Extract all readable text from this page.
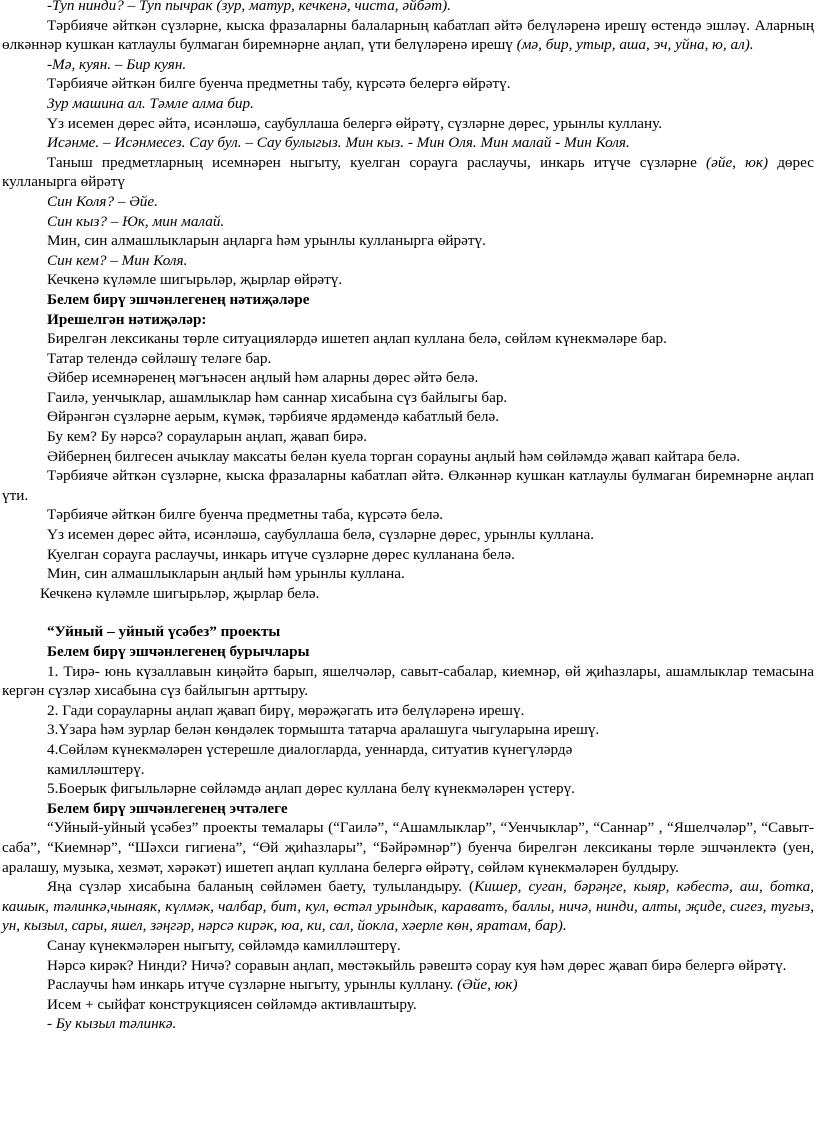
-Туп нинди? – Туп пычрак (зур, матур, кечкенә, чиста, әйбәт).

Тәрбияче әйткән сүзләрне, кыска фразаларны балаларның кабатлап әйтә белүләренә ирешү өстендә эшләү. Аларның өлкәннәр кушкан катлаулы булмаган биремнәрне аңлап, үти белүләренә ирешү (мә, бир, утыр, аша, эч, уйна, ю, ал).

-Мә, куян. – Бир куян.

Тәрбияче әйткән билге буенча предметны табу, күрсәтә белергә өйрәтү.

Зур машина ал. Тәмле алма бир.

Үз исемен дөрес әйтә, исәнләшә, саубуллаша белергә өйрәтү, сүзләрне дөрес, урынлы куллану.

Исәнме. – Исәнмесез. Сау бул. – Сау булыгыз. Мин кыз. - Мин Оля. Мин малай - Мин Коля.

Таныш предметларның исемнәрен ныгыту, куелган сорауга раслаучы, инкарь итүче сүзләрне (әйе, юк) дөрес кулланырга өйрәтү

Син Коля? – Әйе.

Син кыз? – Юк, мин малай.

Мин, син алмашлыкларын аңларга һәм урынлы кулланырга өйрәтү.

Син кем? – Мин Коля.

Кечкенә күләмле шигырьләр, җырлар өйрәтү.

Белем бирү эшчәнлегенең нәтиҗәләре

Ирешелгән нәтиҗәләр:

Бирелгән лексиканы төрле ситуацияләрдә ишетеп аңлап куллана белә, сөйләм күнекмәләре бар.

Татар телендә сөйләшү теләге бар.

Әйбер исемнәренең мәгънәсен аңлый һәм аларны дөрес әйтә белә.

Гаилә, уенчыклар, ашамлыклар һәм саннар хисабына сүз байлыгы бар.

Өйрәнгән сүзләрне аерым, күмәк, тәрбияче ярдәмендә кабатлый белә.

Бу кем? Бу нәрсә? сорауларын аңлап, җавап бирә.

Әйбернең билгесен ачыклау максаты белән куела торган сорауны аңлый һәм сөйләмдә җавап кайтара белә.

Тәрбияче әйткән сүзләрне, кыска фразаларны кабатлап әйтә. Өлкәннәр кушкан катлаулы булмаган биремнәрне аңлап үти.

Тәрбияче әйткән билге буенча предметны таба, күрсәтә белә.

Үз исемен дөрес әйтә, исәнләшә, саубуллаша белә, сүзләрне дөрес, урынлы куллана.

Куелган сорауга раслаучы, инкарь итүче сүзләрне дөрес кулланана белә.

Мин, син алмашлыкларын аңлый һәм урынлы куллана.

Кечкенә күләмле шигырьләр, җырлар белә.

“Уйный – уйный үсәбез” проекты

Белем бирү эшчәнлегенең бурычлары

1. Тирә- юнь күзаллавын киңәйтә барып, яшелчәләр, савыт-сабалар, киемнәр, өй җиһазлары, ашамлыклар темасына кергән сүзләр хисабына сүз байлыгын арттыру.

2. Гади сорауларны аңлап җавап бирү, мөрәҗәгать итә белүләренә ирешү.

3.Үзара һәм зурлар белән көндәлек тормышта татарча аралашуга чыгуларына ирешү.

4.Сөйләм күнекмәләрен үстерешле диалогларда, уеннарда, ситуатив күнегүләрдә

камилләштерү.

5.Боерык фигыльләрне сөйләмдә аңлап дөрес куллана белү күнекмәләрен үстерү.

Белем бирү эшчәнлегенең эчтәлеге

“Уйный-уйный үсәбез” проекты темалары (“Гаилә”, “Ашамлыклар”, “Уенчыклар”, “Саннар” , “Яшелчәләр”, “Савыт-саба”, “Киемнәр”, “Шәхси гигиена”, “Өй җиһазлары”, “Бәйрәмнәр”) буенча бирелгән лексиканы төрле эшчәнлектә (уен, аралашу, музыка, хезмәт, хәрәкәт) ишетеп аңлап куллана белергә өйрәтү, сөйләм күнекмәләрен булдыру.

Яңа сүзләр хисабына баланың сөйләмен баету, тулыландыру. (Кишер, суган, бәрәңге, кыяр, кәбестә, аш, ботка, кашык, тәлинкә,чынаяк, күлмәк, чалбар, бит, кул, өстәл урындык, караватъ, баллы, ничә, нинди, алты, җиде, сигез, тугыз, ун, кызыл, сары, яшел, зәңгәр, нәрсә кирәк, юа, ки, сал, йокла, хәерле көн, яратам, бар).

Санау күнекмәләрен ныгыту, сөйләмдә камилләштерү.

Нәрсә кирәк? Нинди? Ничә? соравын аңлап, мөстәкыйль рәвештә сорау куя һәм дөрес җавап бирә белергә өйрәтү.

Раслаучы һәм инкарь итүче сүзләрне ныгыту, урынлы куллану. (Әйе, юк)

Исем + сыйфат конструкциясен сөйләмдә активлаштыру.

- Бу кызыл тәлинкә.
